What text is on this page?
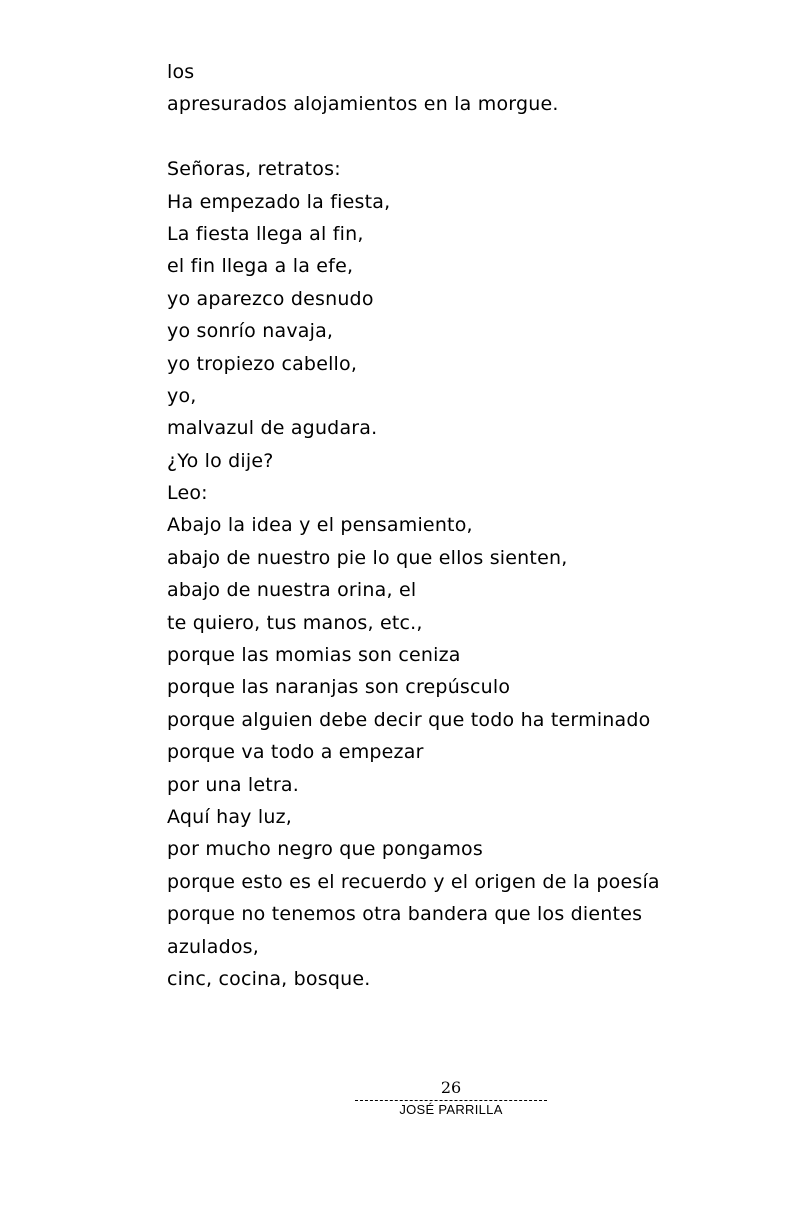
los
apresurados alojamientos en la morgue.
Señoras, retratos:
Ha empezado la fiesta,
La fiesta llega al fin,
el fin llega a la efe,
yo aparezco desnudo
yo sonrío navaja,
yo tropiezo cabello,
yo,
malvazul de agudara.
¿Yo lo dije?
Leo:
Abajo la idea y el pensamiento,
abajo de nuestro pie lo que ellos sienten,
abajo de nuestra orina, el
te quiero, tus manos, etc.,
porque las momias son ceniza
porque las naranjas son crepúsculo
porque alguien debe decir que todo ha terminado
porque va todo a empezar
por una letra.
Aquí hay luz,
por mucho negro que pongamos
porque esto es el recuerdo y el origen de la poesía
porque no tenemos otra bandera que los dientes
azulados,
cinc, cocina, bosque.
26
JOSÉ PARRILLA
